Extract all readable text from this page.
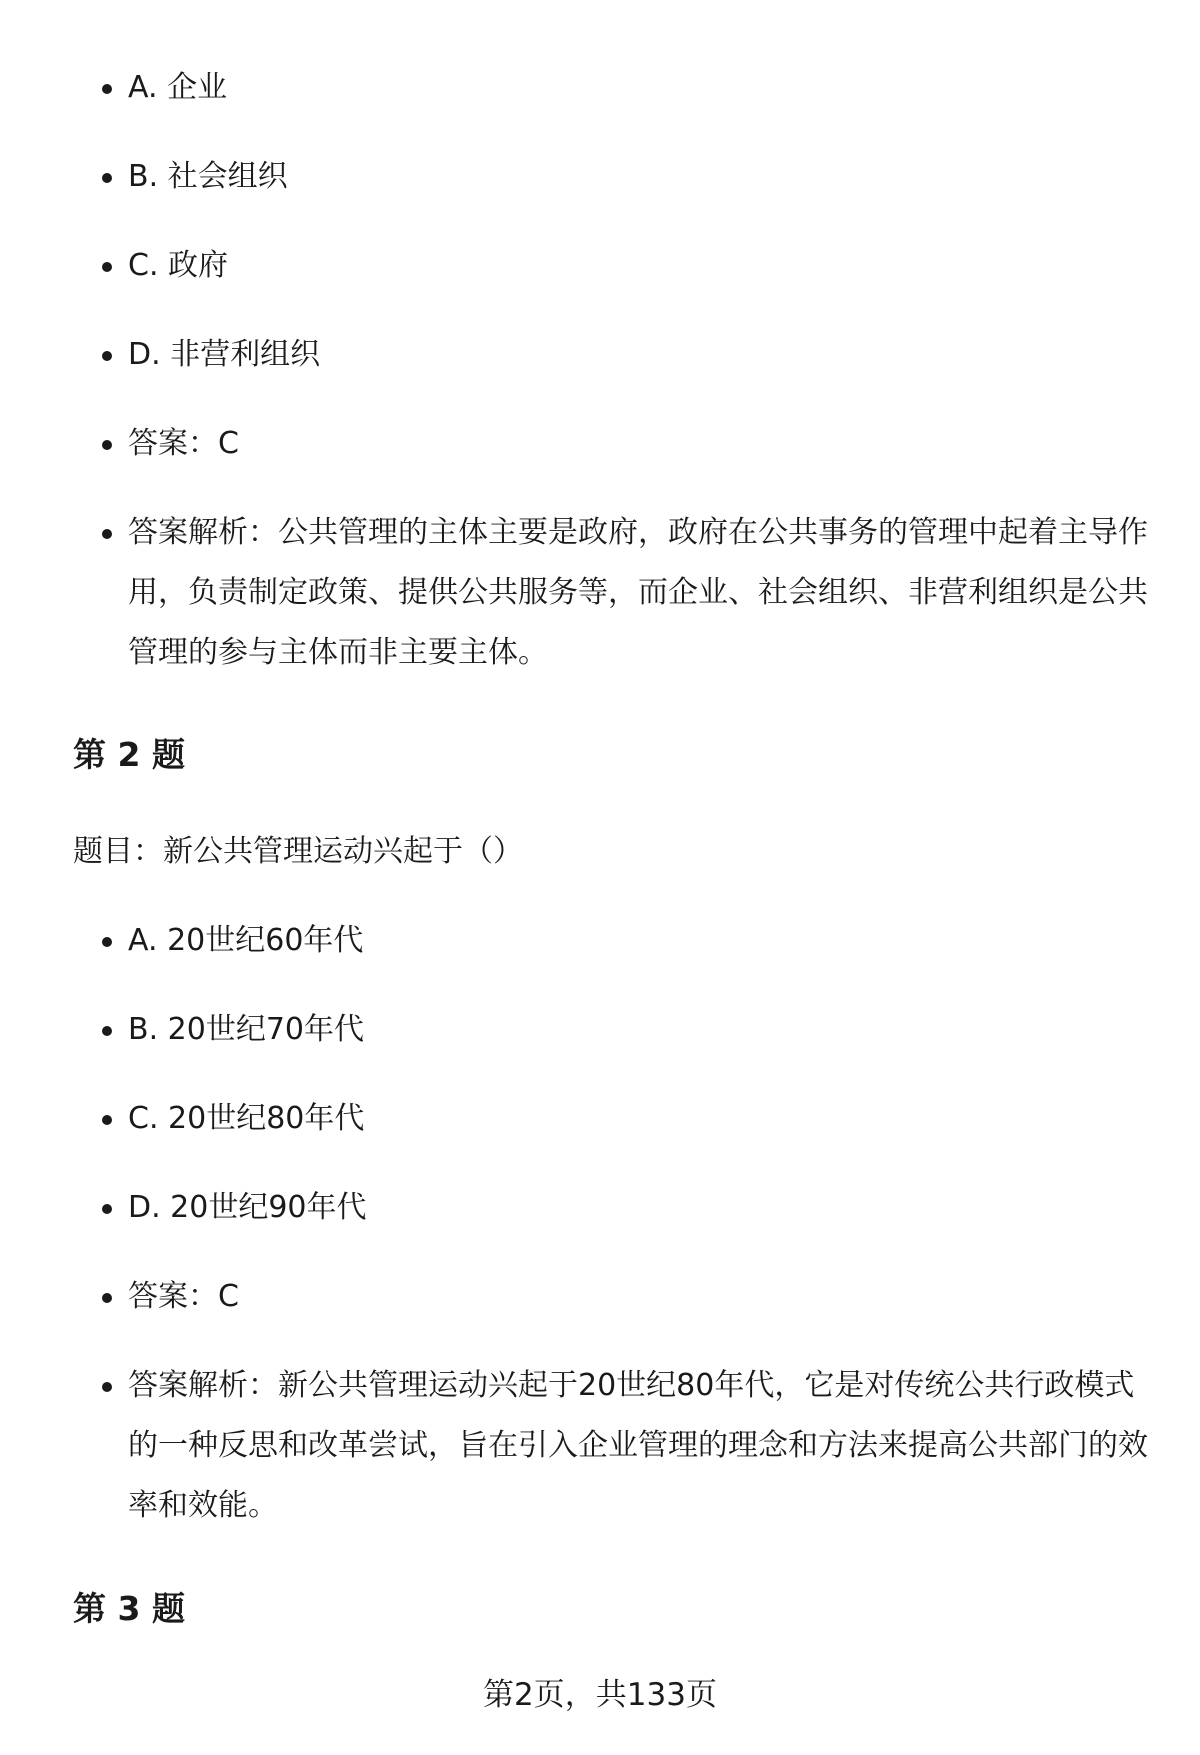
A. 企业
B. 社会组织
C. 政府
D. 非营利组织
答案：C
答案解析：公共管理的主体主要是政府，政府在公共事务的管理中起着主导作用，负责制定政策、提供公共服务等，而企业、社会组织、非营利组织是公共管理的参与主体而非主要主体。
第 2 题

题目：新公共管理运动兴起于（）

A. 20世纪60年代
B. 20世纪70年代
C. 20世纪80年代
D. 20世纪90年代
答案：C
答案解析：新公共管理运动兴起于20世纪80年代，它是对传统公共行政模式的一种反思和改革尝试，旨在引入企业管理的理念和方法来提高公共部门的效率和效能。
第 3 题
第2页，共133页
